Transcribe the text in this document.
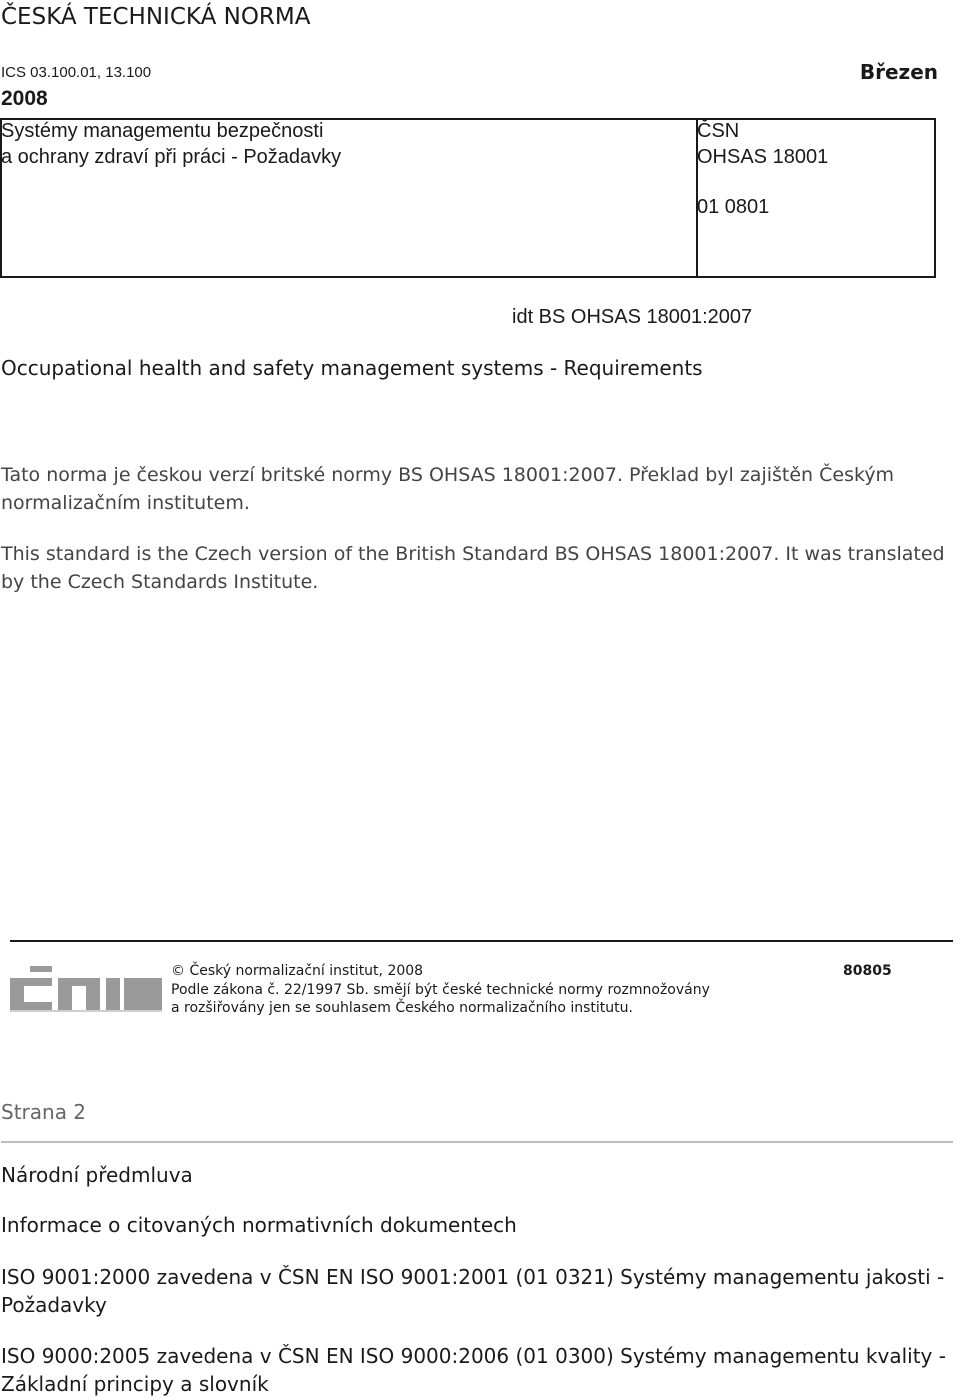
ČESKÁ TECHNICKÁ NORMA
ICS 03.100.01, 13.100	Březen
2008
Systémy managementu bezpečnosti
a ochrany zdraví při práci - Požadavky
ČSN
OHSAS 18001
01 0801
idt BS OHSAS 18001:2007
Occupational health and safety management systems - Requirements
Tato norma je českou verzí britské normy BS OHSAS 18001:2007. Překlad byl zajištěn Českým normalizačním institutem.
This standard is the Czech version of the British Standard BS OHSAS 18001:2007. It was translated by the Czech Standards Institute.
© Český normalizační institut, 2008	80805
Podle zákona č. 22/1997 Sb. smějí být české technické normy rozmnožovány
a rozšiřovány jen se souhlasem Českého normalizačního institutu.
Strana 2
Národní předmluva
Informace o citovaných normativních dokumentech
ISO 9001:2000 zavedena v ČSN EN ISO 9001:2001 (01 0321) Systémy managementu jakosti - Požadavky
ISO 9000:2005 zavedena v ČSN EN ISO 9000:2006 (01 0300) Systémy managementu kvality - Základní principy a slovník
